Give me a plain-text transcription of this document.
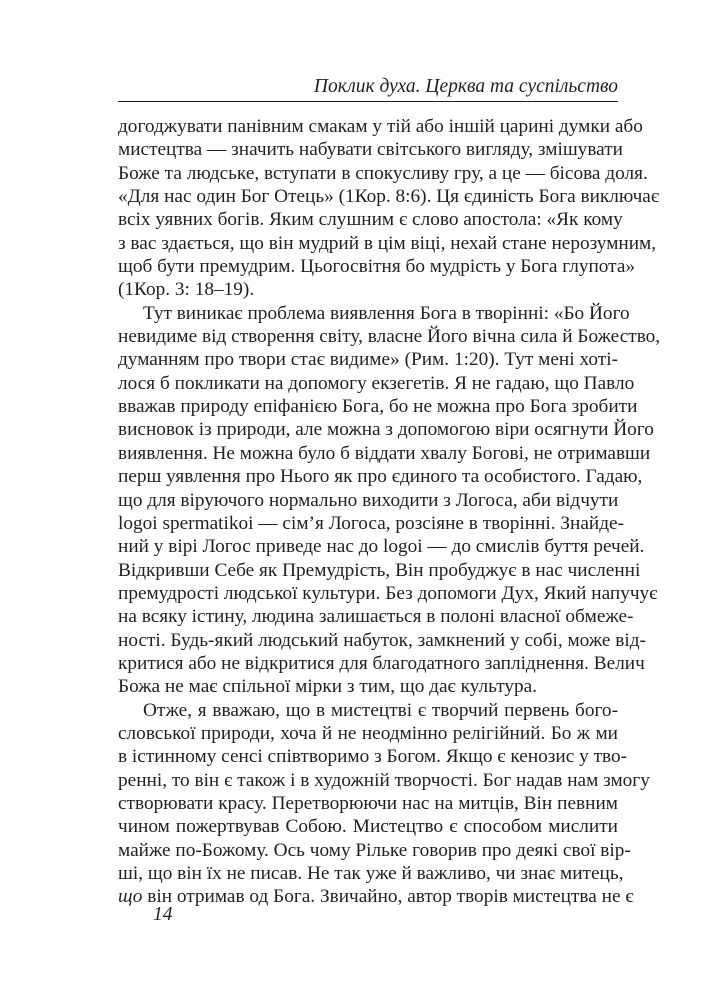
Поклик духа. Церква та суспільство
догоджувати панівним смакам у тій або іншій царині думки або
мистецтва — значить набувати світського вигляду, змішувати
Боже та людське, вступати в спокусливу гру, а це — бісова доля.
«Для нас один Бог Отець» (1Кор. 8:6). Ця єдиність Бога виключає
всіх уявних богів. Яким слушним є слово апостола: «Як кому
з вас здається, що він мудрий в цім віці, нехай стане нерозумним,
щоб бути премудрим. Цьогосвітня бо мудрість у Бога глупота»
(1Кор. 3: 18–19).
Тут виникає проблема виявлення Бога в творінні: «Бо Його
невидиме від створення світу, власне Його вічна сила й Божество,
думанням про твори стає видиме» (Рим. 1:20). Тут мені хоті-
лося б покликати на допомогу екзегетів. Я не гадаю, що Павло
вважав природу епіфанією Бога, бо не можна про Бога зробити
висновок із природи, але можна з допомогою віри осягнути Його
виявлення. Не можна було б віддати хвалу Богові, не отримавши
перш уявлення про Нього як про єдиного та особистого. Гадаю,
що для віруючого нормально виходити з Логоса, аби відчути
logoi spermatikoi — сім’я Логоса, розсіяне в творінні. Знайде-
ний у вірі Логос приведе нас до logoi — до смислів буття речей.
Відкривши Себе як Премудрість, Він пробуджує в нас численні
премудрості людської культури. Без допомоги Дух, Який напучує
на всяку істину, людина залишається в полоні власної обмеже-
ності. Будь-який людський набуток, замкнений у собі, може від-
критися або не відкритися для благодатного запліднення. Велич
Божа не має спільної мірки з тим, що дає культура.
Отже, я вважаю, що в мистецтві є творчий первень бого-
словської природи, хоча й не неодмінно релігійний. Бо ж ми
в істинному сенсі співтворимо з Богом. Якщо є кенозис у тво-
ренні, то він є також і в художній творчості. Бог надав нам змогу
створювати красу. Перетворюючи нас на митців, Він певним
чином пожертвував Собою. Мистецтво є способом мислити
майже по-Божому. Ось чому Рільке говорив про деякі свої вір-
ші, що він їх не писав. Не так уже й важливо, чи знає митець,
що він отримав од Бога. Звичайно, автор творів мистецтва не є
14
